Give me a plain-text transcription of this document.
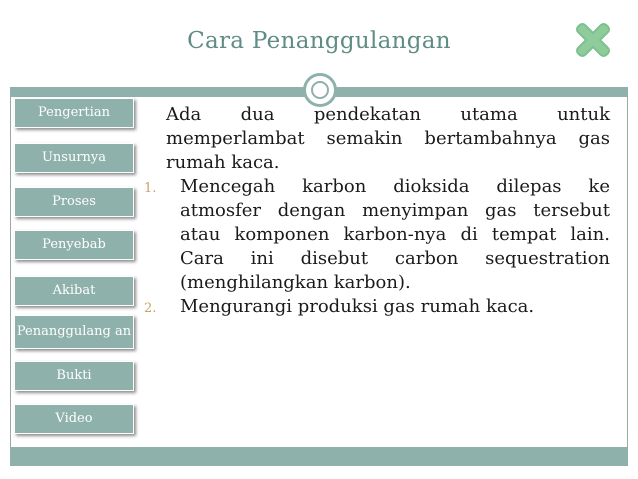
Cara Penanggulangan
Pengertian
Unsurnya
Proses
Penyebab
Akibat
Penanggulang an
Bukti
Video
Ada dua pendekatan utama untuk memperlambat semakin bertambahnya gas rumah kaca.
1.	Mencegah karbon dioksida dilepas ke atmosfer dengan menyimpan gas tersebut atau komponen karbon-nya di tempat lain. Cara ini disebut carbon sequestration (menghilangkan karbon).
2.	Mengurangi produksi gas rumah kaca.
